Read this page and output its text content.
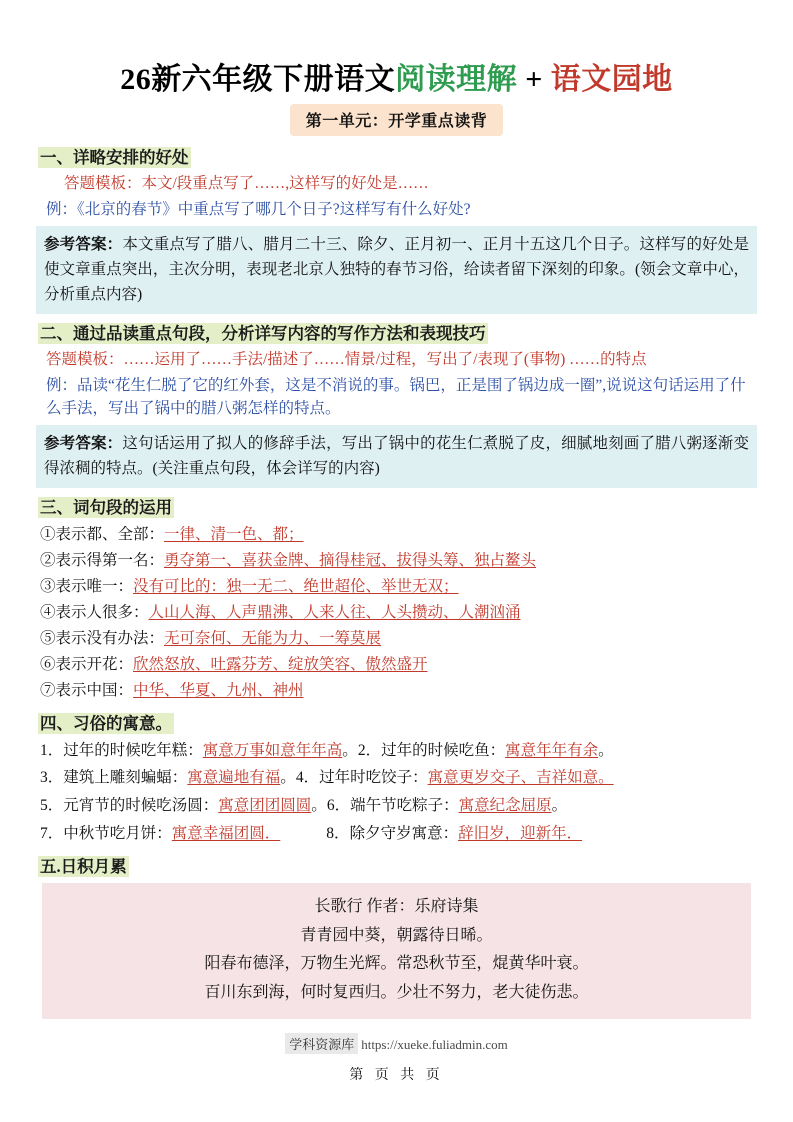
26新六年级下册语文阅读理解 + 语文园地
第一单元：开学重点读背
一、详略安排的好处
答题模板：本文/段重点写了……,这样写的好处是……
例：《北京的春节》中重点写了哪几个日子?这样写有什么好处?
参考答案：本文重点写了腊八、腊月二十三、除夕、正月初一、正月十五这几个日子。这样写的好处是使文章重点突出，主次分明，表现老北京人独特的春节习俗，给读者留下深刻的印象。(领会文章中心，分析重点内容)
二、通过品读重点句段，分析详写内容的写作方法和表现技巧
答题模板：……运用了……手法/描述了……情景/过程，写出了/表现了(事物) ……的特点
例：品读“花生仁脱了它的红外套，这是不消说的事。锅巴，正是围了锅边成一圈”,说说这句话运用了什么手法，写出了锅中的腊八粥怎样的特点。
参考答案：这句话运用了拟人的修辞手法，写出了锅中的花生仁煮脱了皮，细腻地刻画了腊八粥逐渐变得浓稠的特点。(关注重点句段，体会详写的内容)
三、词句段的运用
①表示都、全部：一律、清一色、都；
②表示得第一名：勇夺第一、喜获金牌、摘得桂冠、拔得头筹、独占鳌头
③表示唯一：没有可比的：独一无二、绝世超伦、举世无双；
④表示人很多：人山人海、人声鼎沸、人来人往、人头攒动、人潮汹涌
⑤表示没有办法：无可奈何、无能为力、一筹莫展
⑥表示开花：欣然怒放、吐露芬芳、绽放笑容、傲然盛开
⑦表示中国：中华、华夏、九州、神州
四、习俗的寓意。
1．过年的时候吃年糕：寓意万事如意年年高。2．过年的时候吃鱼：寓意年年有余。
3．建筑上雕刻蝙蝠：寓意遍地有福。4．过年时吃饺子：寓意更岁交子、吉祥如意。
5．元宵节的时候吃汤圆：寓意团团圆圆。6．端午节吃粽子：寓意纪念屈原。
7．中秋节吃月饼：寓意幸福团圆．	8．除夕守岁寓意：辞旧岁，迎新年．
五.日积月累
长歌行 作者：乐府诗集
青青园中葵，朝露待日晞。
阳春布德泽，万物生光辉。常恐秋节至，焜黄华叶衰。
百川东到海，何时复西归。少壮不努力，老大徒伤悲。
学科资源库 https://xueke.fuliadmin.com
第 页 共 页
